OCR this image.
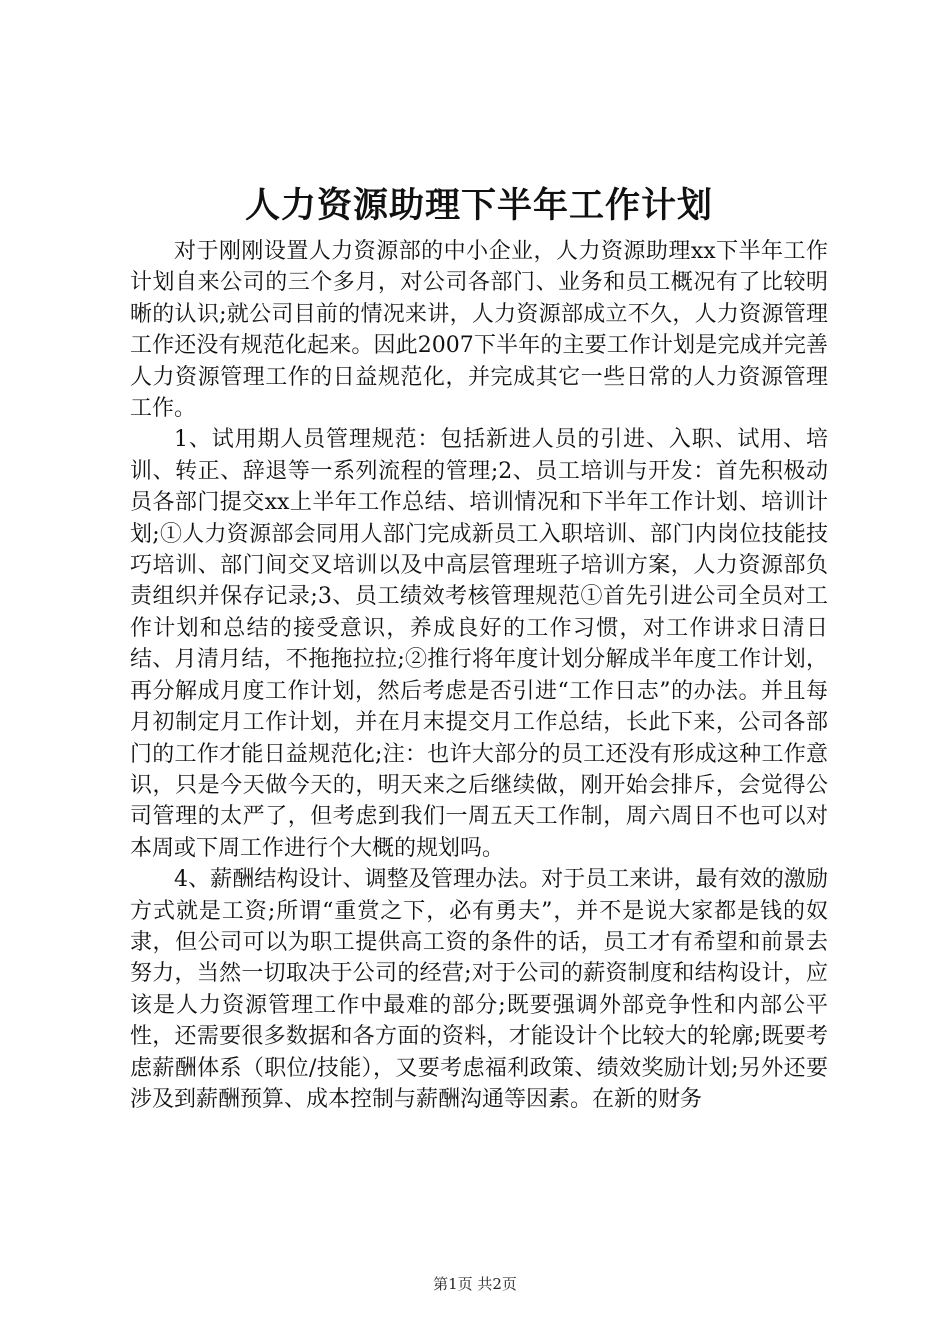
人力资源助理下半年工作计划

对于刚刚设置人力资源部的中小企业，人力资源助理xx下半年工作计划自来公司的三个多月，对公司各部门、业务和员工概况有了比较明晰的认识;就公司目前的情况来讲，人力资源部成立不久，人力资源管理工作还没有规范化起来。因此2007下半年的主要工作计划是完成并完善人力资源管理工作的日益规范化，并完成其它一些日常的人力资源管理工作。

1、试用期人员管理规范：包括新进人员的引进、入职、试用、培训、转正、辞退等一系列流程的管理;2、员工培训与开发：首先积极动员各部门提交xx上半年工作总结、培训情况和下半年工作计划、培训计划;①人力资源部会同用人部门完成新员工入职培训、部门内岗位技能技巧培训、部门间交叉培训以及中高层管理班子培训方案，人力资源部负责组织并保存记录;3、员工绩效考核管理规范①首先引进公司全员对工作计划和总结的接受意识，养成良好的工作习惯，对工作讲求日清日结、月清月结，不拖拖拉拉;②推行将年度计划分解成半年度工作计划，再分解成月度工作计划，然后考虑是否引进“工作日志”的办法。并且每月初制定月工作计划，并在月末提交月工作总结，长此下来，公司各部门的工作才能日益规范化;注：也许大部分的员工还没有形成这种工作意识，只是今天做今天的，明天来之后继续做，刚开始会排斥，会觉得公司管理的太严了，但考虑到我们一周五天工作制，周六周日不也可以对本周或下周工作进行个大概的规划吗。

4、薪酬结构设计、调整及管理办法。对于员工来讲，最有效的激励方式就是工资;所谓“重赏之下，必有勇夫”，并不是说大家都是钱的奴隶，但公司可以为职工提供高工资的条件的话，员工才有希望和前景去努力，当然一切取决于公司的经营;对于公司的薪资制度和结构设计，应该是人力资源管理工作中最难的部分;既要强调外部竞争性和内部公平性，还需要很多数据和各方面的资料，才能设计个比较大的轮廓;既要考虑薪酬体系（职位/技能），又要考虑福利政策、绩效奖励计划;另外还要涉及到薪酬预算、成本控制与薪酬沟通等因素。在新的财务

第1页 共2页
